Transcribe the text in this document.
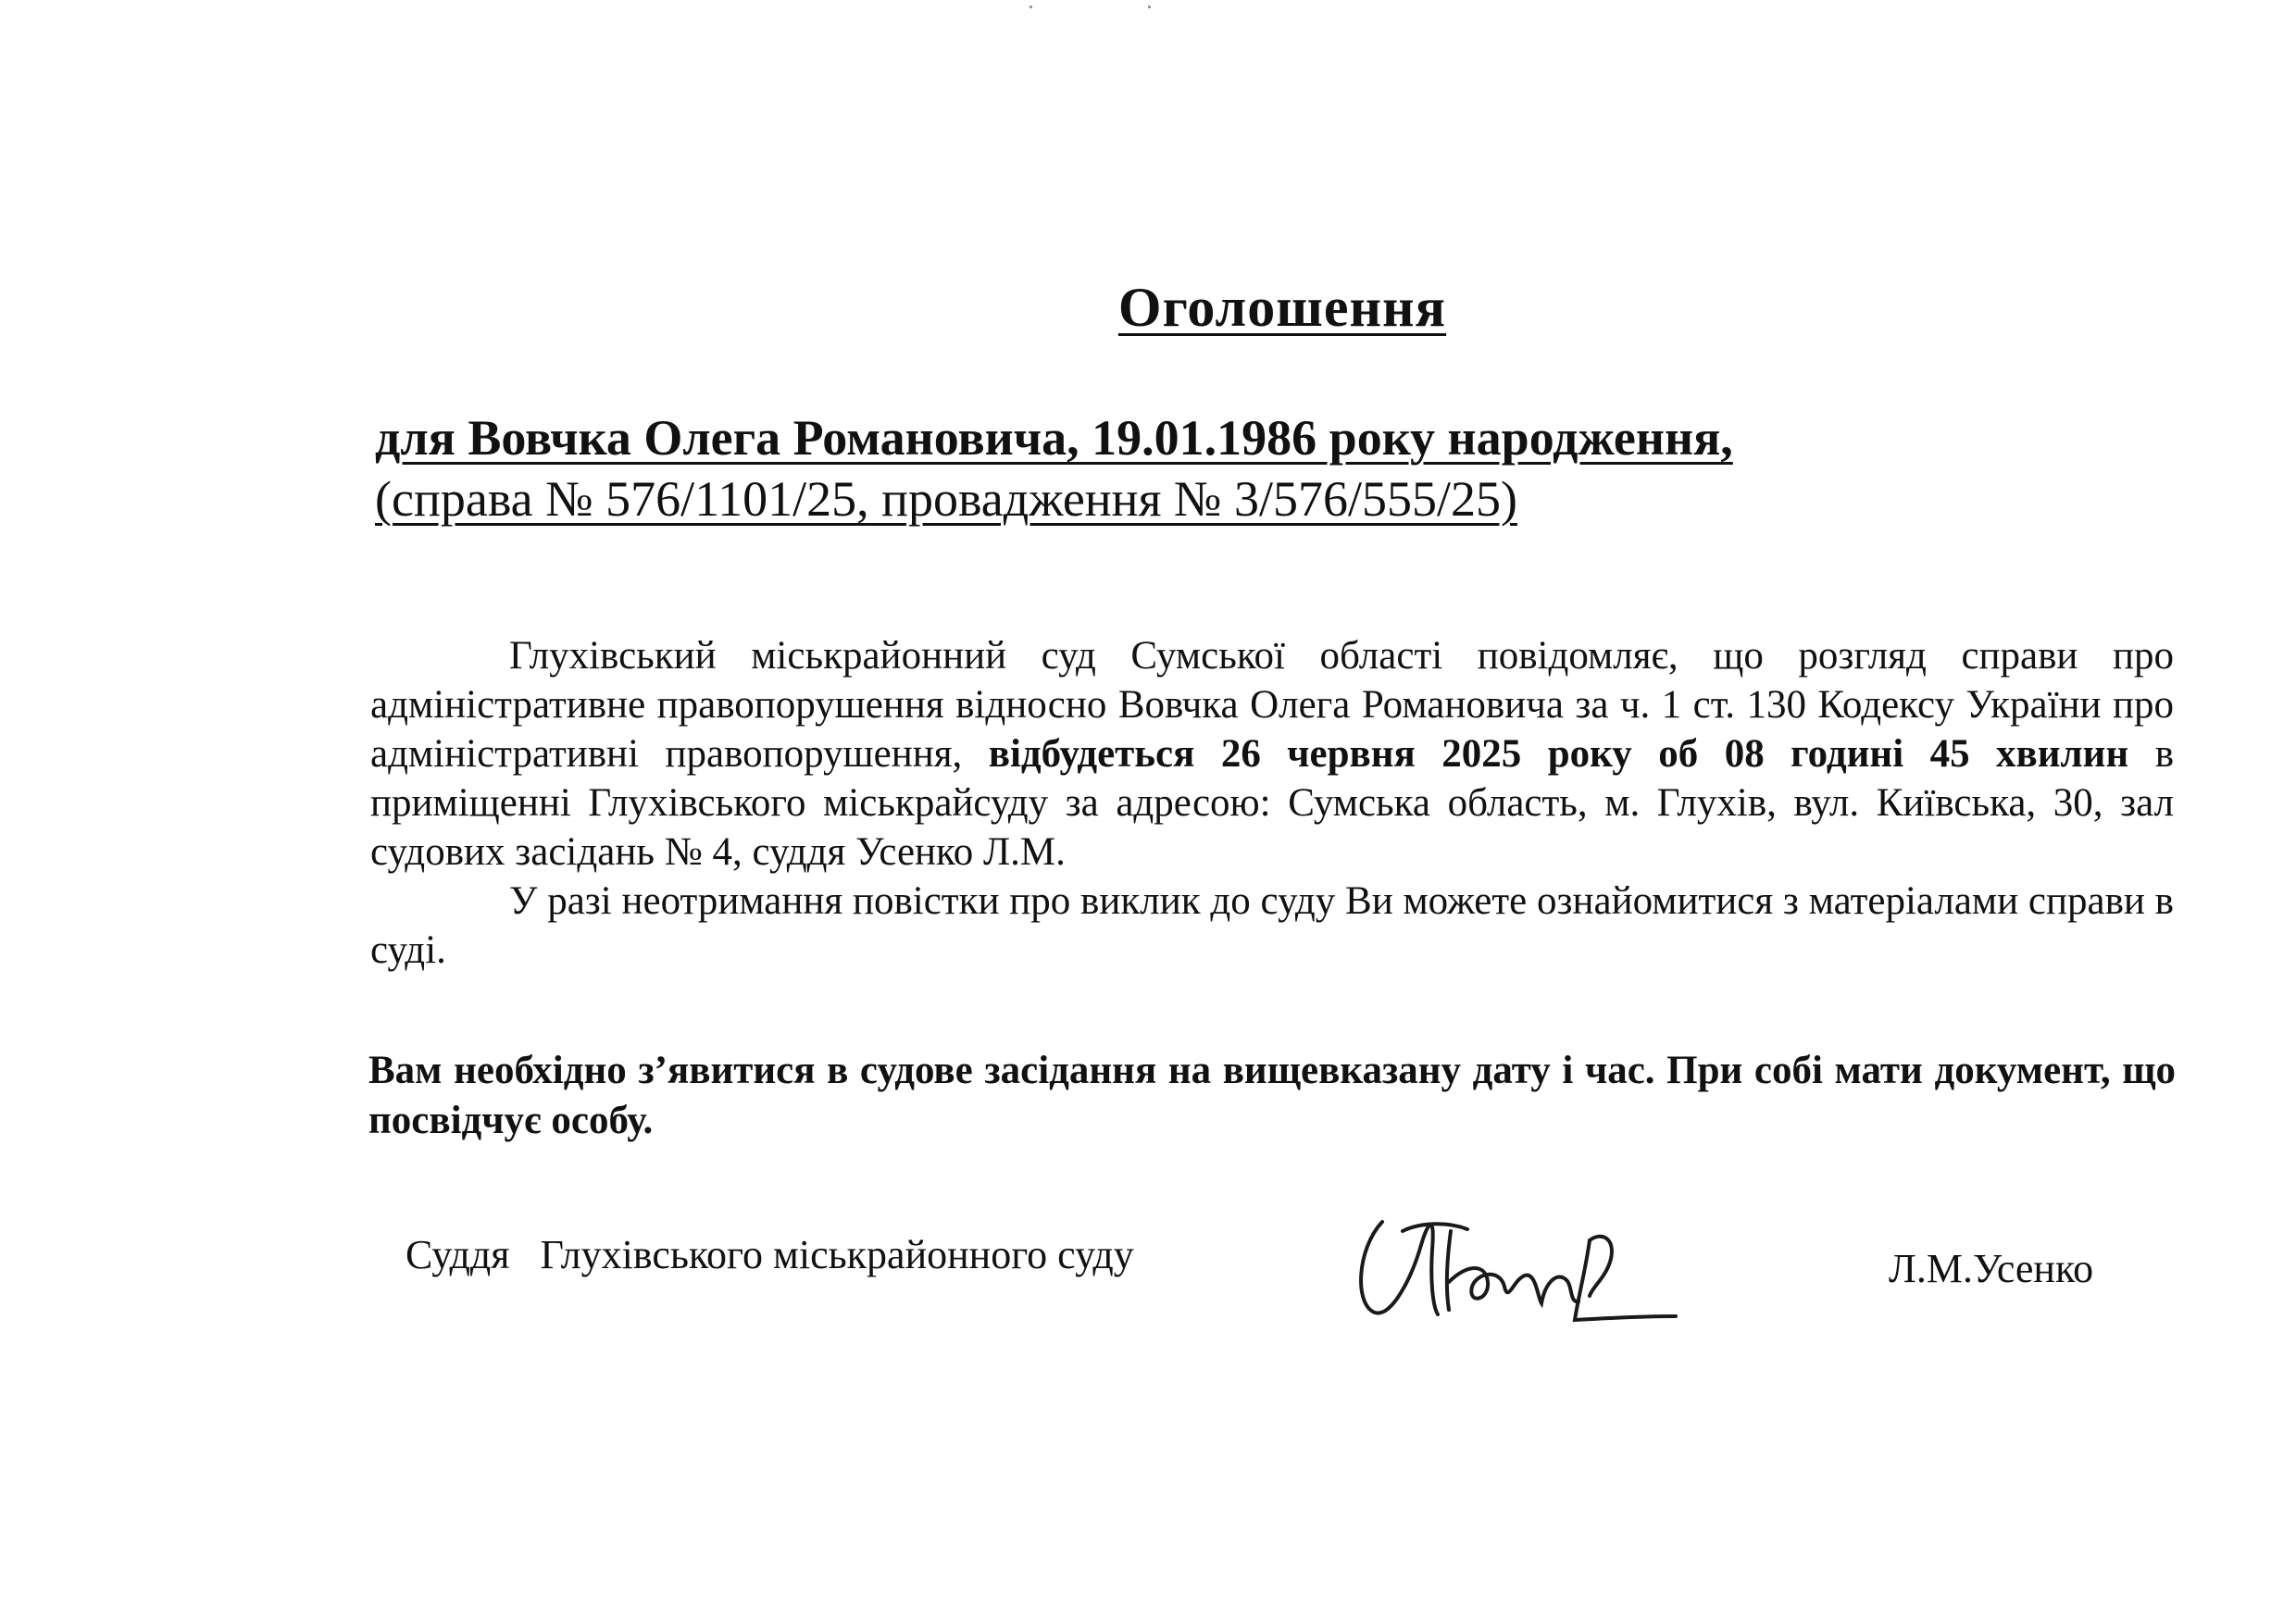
Оголошення
для Вовчка Олега Романовича, 19.01.1986 року народження,
(справа № 576/1101/25, провадження № 3/576/555/25)

Глухівський міськрайонний суд Сумської області повідомляє, що розгляд справи про адміністративне правопорушення відносно Вовчка Олега Романовича за ч. 1 ст. 130 Кодексу України про адміністративні правопорушення, відбудеться 26 червня 2025 року об 08 годині 45 хвилин в приміщенні Глухівського міськрайсуду за адресою: Сумська область, м. Глухів, вул. Київська, 30, зал судових засідань № 4, суддя Усенко Л.М.

У разі неотримання повістки про виклик до суду Ви можете ознайомитися з матеріалами справи в суді.

Вам необхідно з’явитися в судове засідання на вищевказану дату і час. При собі мати документ, що посвідчує особу.
Суддя   Глухівського міськрайонного суду	Л.М.Усенко
